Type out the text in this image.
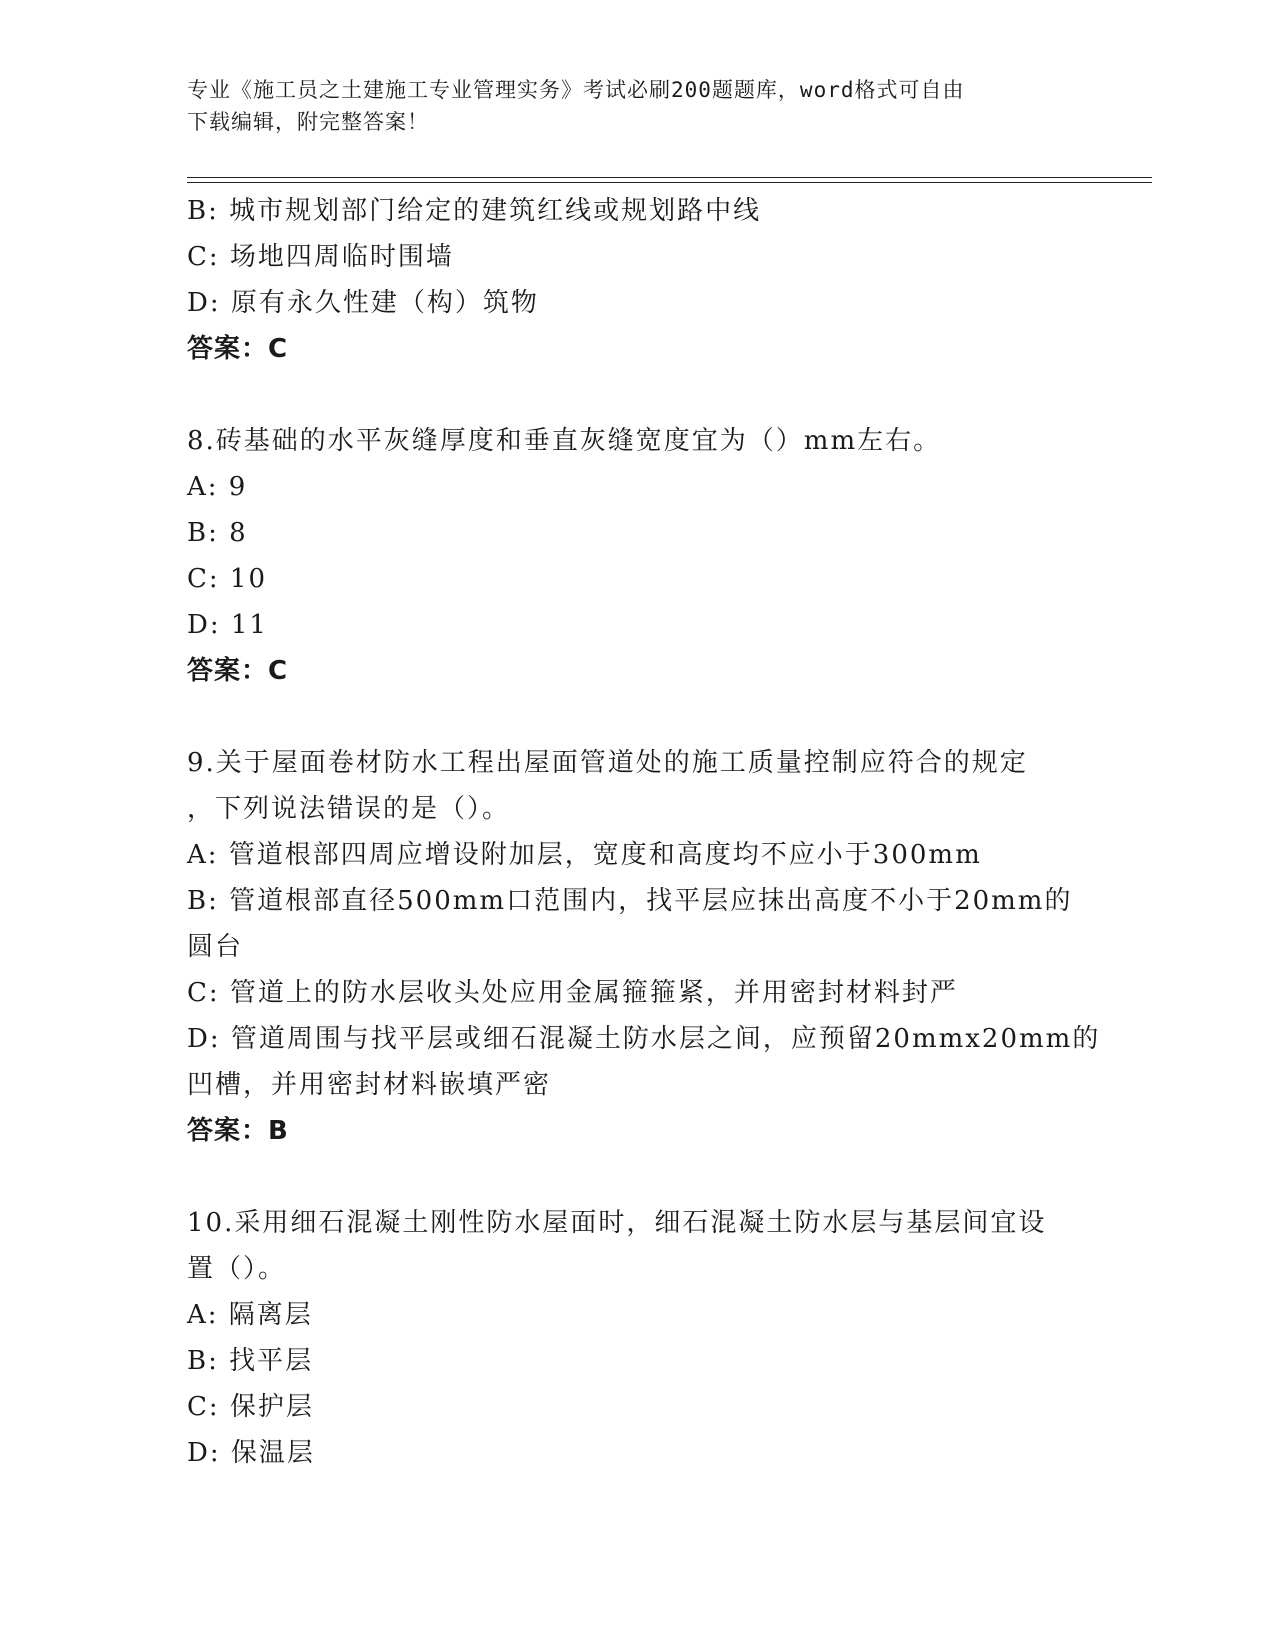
专业《施工员之土建施工专业管理实务》考试必刷200题题库，word格式可自由
下载编辑，附完整答案！
B: 城市规划部门给定的建筑红线或规划路中线
C: 场地四周临时围墙
D: 原有永久性建（构）筑物
答案：C
8.砖基础的水平灰缝厚度和垂直灰缝宽度宜为（）mm左右。
A: 9
B: 8
C: 10
D: 11
答案：C
9.关于屋面卷材防水工程出屋面管道处的施工质量控制应符合的规定
，下列说法错误的是（）。
A: 管道根部四周应增设附加层，宽度和高度均不应小于300mm
B: 管道根部直径500mm口范围内，找平层应抹出高度不小于20mm的
圆台
C: 管道上的防水层收头处应用金属箍箍紧，并用密封材料封严
D: 管道周围与找平层或细石混凝土防水层之间，应预留20mmx20mm的
凹槽，并用密封材料嵌填严密
答案：B
10.采用细石混凝土刚性防水屋面时，细石混凝土防水层与基层间宜设
置（）。
A: 隔离层
B: 找平层
C: 保护层
D: 保温层
